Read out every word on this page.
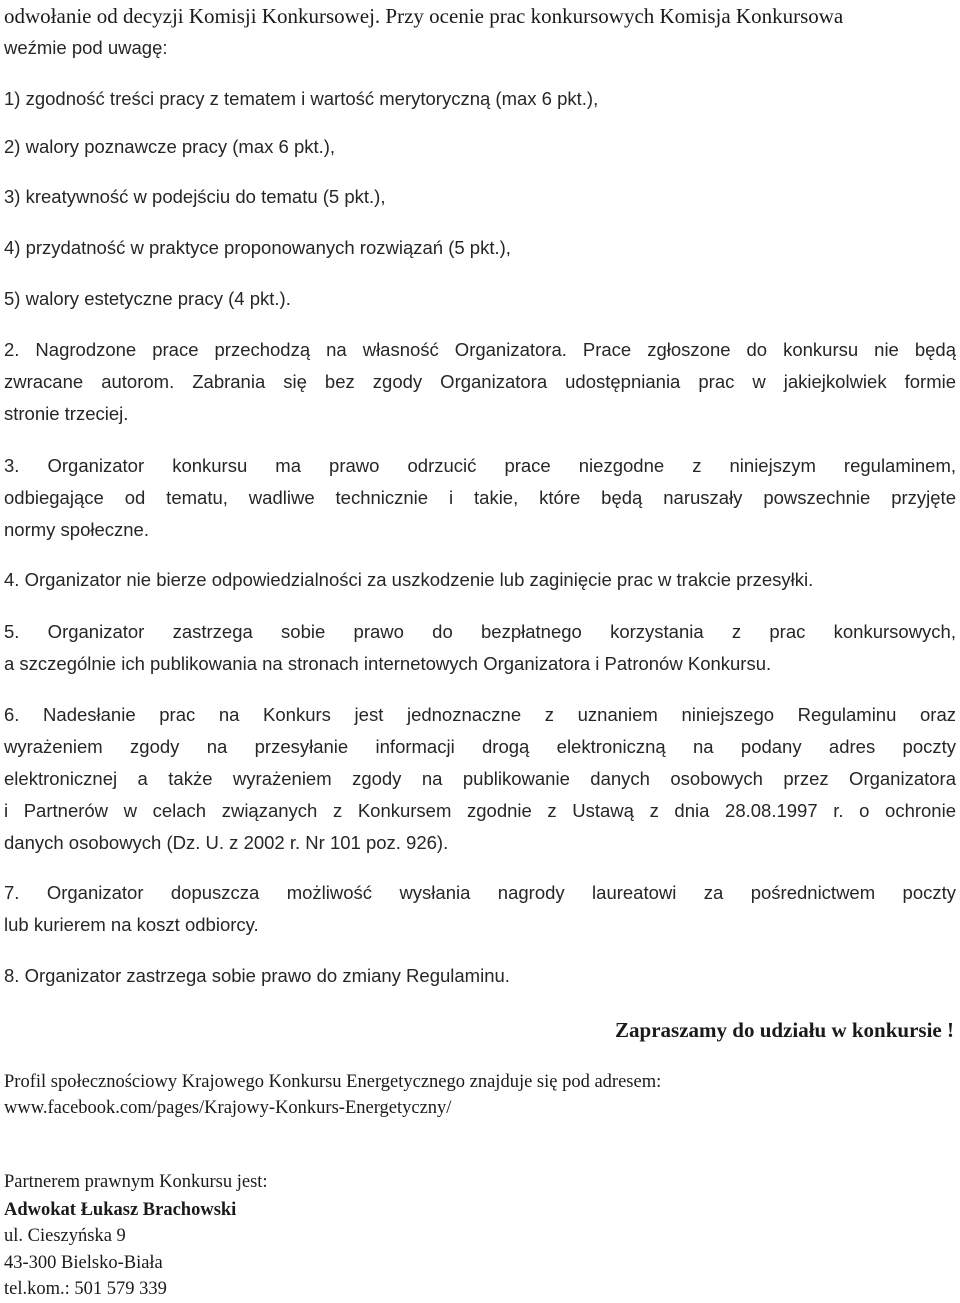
odwołanie od decyzji Komisji Konkursowej. Przy ocenie prac konkursowych Komisja Konkursowa

weźmie pod uwagę:

1) zgodność treści pracy z tematem i wartość merytoryczną (max 6 pkt.),

2) walory poznawcze pracy (max 6 pkt.),

3) kreatywność w podejściu do tematu (5 pkt.),

4) przydatność w praktyce proponowanych rozwiązań (5 pkt.),

5) walory estetyczne pracy (4 pkt.).

2. Nagrodzone prace przechodzą na własność Organizatora. Prace zgłoszone do konkursu nie będą

zwracane autorom. Zabrania się bez zgody Organizatora udostępniania prac w jakiejkolwiek formie

stronie trzeciej.

3. Organizator konkursu ma prawo odrzucić prace niezgodne z niniejszym regulaminem,

odbiegające od tematu, wadliwe technicznie i takie, które będą naruszały powszechnie przyjęte

normy społeczne.

4. Organizator nie bierze odpowiedzialności za uszkodzenie lub zaginięcie prac w trakcie przesyłki.

5. Organizator zastrzega sobie prawo do bezpłatnego korzystania z prac konkursowych,

a szczególnie ich publikowania na stronach internetowych Organizatora i Patronów Konkursu.

6. Nadesłanie prac na Konkurs jest jednoznaczne z uznaniem niniejszego Regulaminu oraz

wyrażeniem zgody na przesyłanie informacji drogą elektroniczną na podany adres poczty

elektronicznej a także wyrażeniem zgody na publikowanie danych osobowych przez Organizatora

i Partnerów w celach związanych z Konkursem zgodnie z Ustawą z dnia 28.08.1997 r. o ochronie

danych osobowych (Dz. U. z 2002 r. Nr 101 poz. 926).

7. Organizator dopuszcza możliwość wysłania nagrody laureatowi za pośrednictwem poczty

lub kurierem na koszt odbiorcy.

8. Organizator zastrzega sobie prawo do zmiany Regulaminu.

Zapraszamy do udziału w konkursie !

Profil społecznościowy Krajowego Konkursu Energetycznego znajduje się pod adresem:

www.facebook.com/pages/Krajowy-Konkurs-Energetyczny/

Partnerem prawnym Konkursu jest:

Adwokat Łukasz Brachowski

ul. Cieszyńska 9

43-300 Bielsko-Biała

tel.kom.: 501 579 339
